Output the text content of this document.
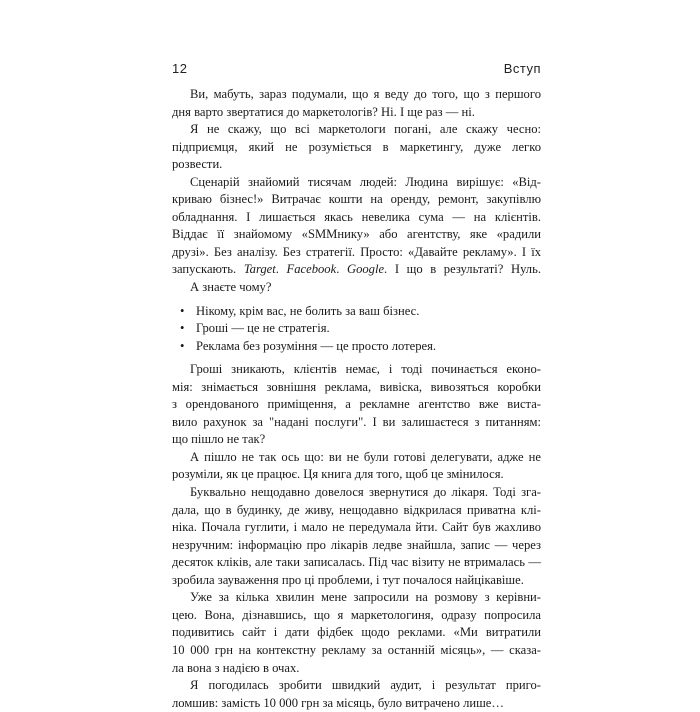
12	Вступ
Ви, мабуть, зараз подумали, що я веду до того, що з першого
дня варто звертатися до маркетологів? Ні. І ще раз — ні.
Я не скажу, що всі маркетологи погані, але скажу чесно:
підприємця, який не розуміється в маркетингу, дуже легко
розвести.
Сценарій знайомий тисячам людей: Людина вирішує: «Від-
криваю бізнес!» Витрачає кошти на оренду, ремонт, закупівлю
обладнання. І лишається якась невелика сума — на клієнтів.
Віддає її знайомому «SMMнику» або агентству, яке «радили
друзі». Без аналізу. Без стратегії. Просто: «Давайте рекламу». І їх
запускають. Target. Facebook. Google. І що в результаті? Нуль.
А знаєте чому?
• Нікому, крім вас, не болить за ваш бізнес.
• Гроші — це не стратегія.
• Реклама без розуміння — це просто лотерея.
Гроші зникають, клієнтів немає, і тоді починається еконо-
мія: знімається зовнішня реклама, вивіска, вивозяться коробки
з орендованого приміщення, а рекламне агентство вже виста-
вило рахунок за "надані послуги". І ви залишаєтеся з питанням:
що пішло не так?
А пішло не так ось що: ви не були готові делегувати, адже не
розуміли, як це працює. Ця книга для того, щоб це змінилося.
Буквально нещодавно довелося звернутися до лікаря. Тоді зга-
дала, що в будинку, де живу, нещодавно відкрилася приватна клі-
ніка. Почала гуглити, і мало не передумала йти. Сайт був жахливо
незручним: інформацію про лікарів ледве знайшла, запис — через
десяток кліків, але таки записалась. Під час візиту не втрималась —
зробила зауваження про ці проблеми, і тут почалося найцікавіше.
Уже за кілька хвилин мене запросили на розмову з керівни-
цею. Вона, дізнавшись, що я маркетологиня, одразу попросила
подивитись сайт і дати фідбек щодо реклами. «Ми витратили
10 000 грн на контекстну рекламу за останній місяць», — сказа-
ла вона з надією в очах.
Я погодилась зробити швидкий аудит, і результат приго-
ломшив: замість 10 000 грн за місяць, було витрачено лише…
